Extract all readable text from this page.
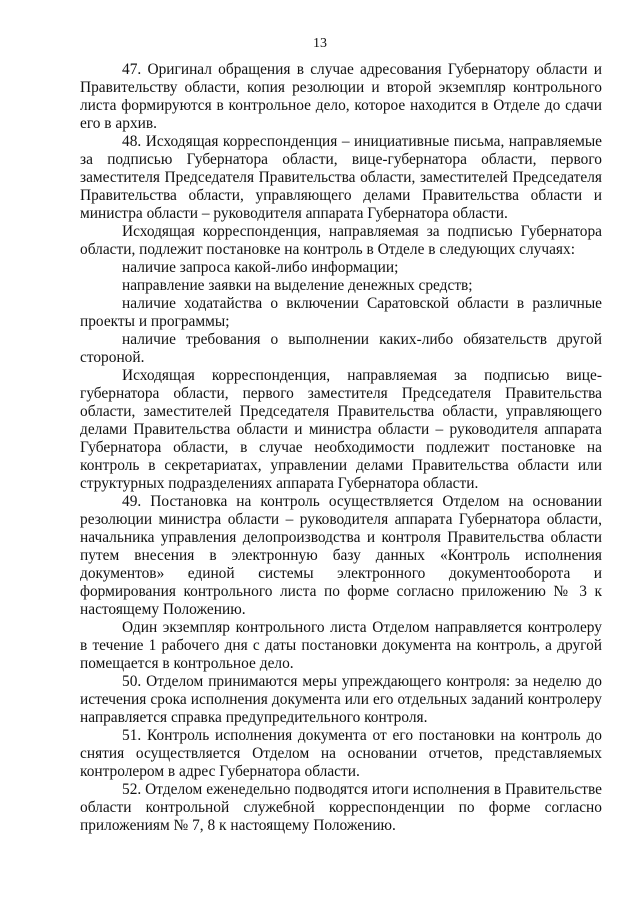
13

47. Оригинал обращения в случае адресования Губернатору области и Правительству области, копия резолюции и второй экземпляр контрольного листа формируются в контрольное дело, которое находится в Отделе до сдачи его в архив.

48. Исходящая корреспонденция – инициативные письма, направляемые за подписью Губернатора области, вице-губернатора области, первого заместителя Председателя Правительства области, заместителей Председателя Правительства области, управляющего делами Правительства области и министра области – руководителя аппарата Губернатора области.

Исходящая корреспонденция, направляемая за подписью Губернатора области, подлежит постановке на контроль в Отделе в следующих случаях:

наличие запроса какой-либо информации;

направление заявки на выделение денежных средств;

наличие ходатайства о включении Саратовской области в различные проекты и программы;

наличие требования о выполнении каких-либо обязательств другой стороной.

Исходящая корреспонденция, направляемая за подписью вице-губернатора области, первого заместителя Председателя Правительства области, заместителей Председателя Правительства области, управляющего делами Правительства области и министра области – руководителя аппарата Губернатора области, в случае необходимости подлежит постановке на контроль в секретариатах, управлении делами Правительства области или структурных подразделениях аппарата Губернатора области.

49. Постановка на контроль осуществляется Отделом на основании резолюции министра области – руководителя аппарата Губернатора области, начальника управления делопроизводства и контроля Правительства области путем внесения в электронную базу данных «Контроль исполнения документов» единой системы электронного документооборота и формирования контрольного листа по форме согласно приложению № 3 к настоящему Положению.

Один экземпляр контрольного листа Отделом направляется контролеру в течение 1 рабочего дня с даты постановки документа на контроль, а другой помещается в контрольное дело.

50. Отделом принимаются меры упреждающего контроля: за неделю до истечения срока исполнения документа или его отдельных заданий контролеру направляется справка предупредительного контроля.

51. Контроль исполнения документа от его постановки на контроль до снятия осуществляется Отделом на основании отчетов, представляемых контролером в адрес Губернатора области.

52. Отделом еженедельно подводятся итоги исполнения в Правительстве области контрольной служебной корреспонденции по форме согласно приложениям № 7, 8 к настоящему Положению.
